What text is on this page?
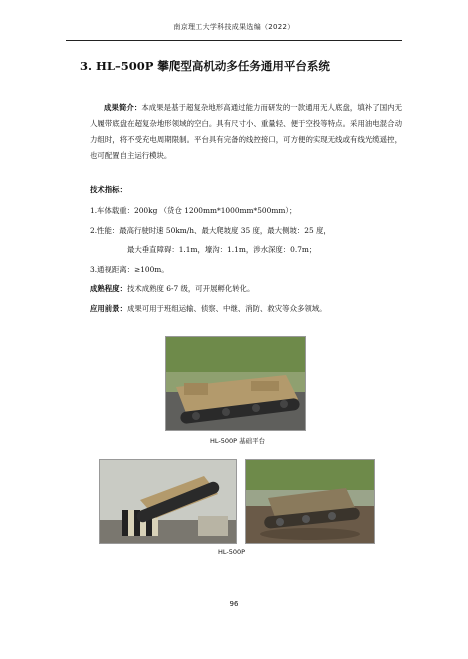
南京理工大学科技成果选编（2022）
3. HL–500P 攀爬型高机动多任务通用平台系统
成果简介：本成果是基于超复杂地形高通过能力而研发的一款通用无人底盘，填补了国内无人履带底盘在超复杂地形领域的空白。具有尺寸小、重量轻、便于空投等特点。采用油电混合动力组时，将不受充电周期限制。平台具有完备的线控接口，可方便的实现无线或有线光缆遥控，也可配置自主运行模块。
技术指标：
1.车体载重：200kg （货仓 1200mm*1000mm*500mm）；
2.性能：最高行驶时速 50km/h、最大爬坡度 35 度，最大侧坡：25 度，
最大垂直障碍：1.1m，壕沟：1.1m，涉水深度：0.7m；
3.通视距离：≥100m。
成熟程度：技术成熟度 6-7 级，可开展孵化转化。
应用前景：成果可用于班组运输、侦察、中继、消防、救灾等众多领域。
HL-500P 基础平台
HL-500P
96
